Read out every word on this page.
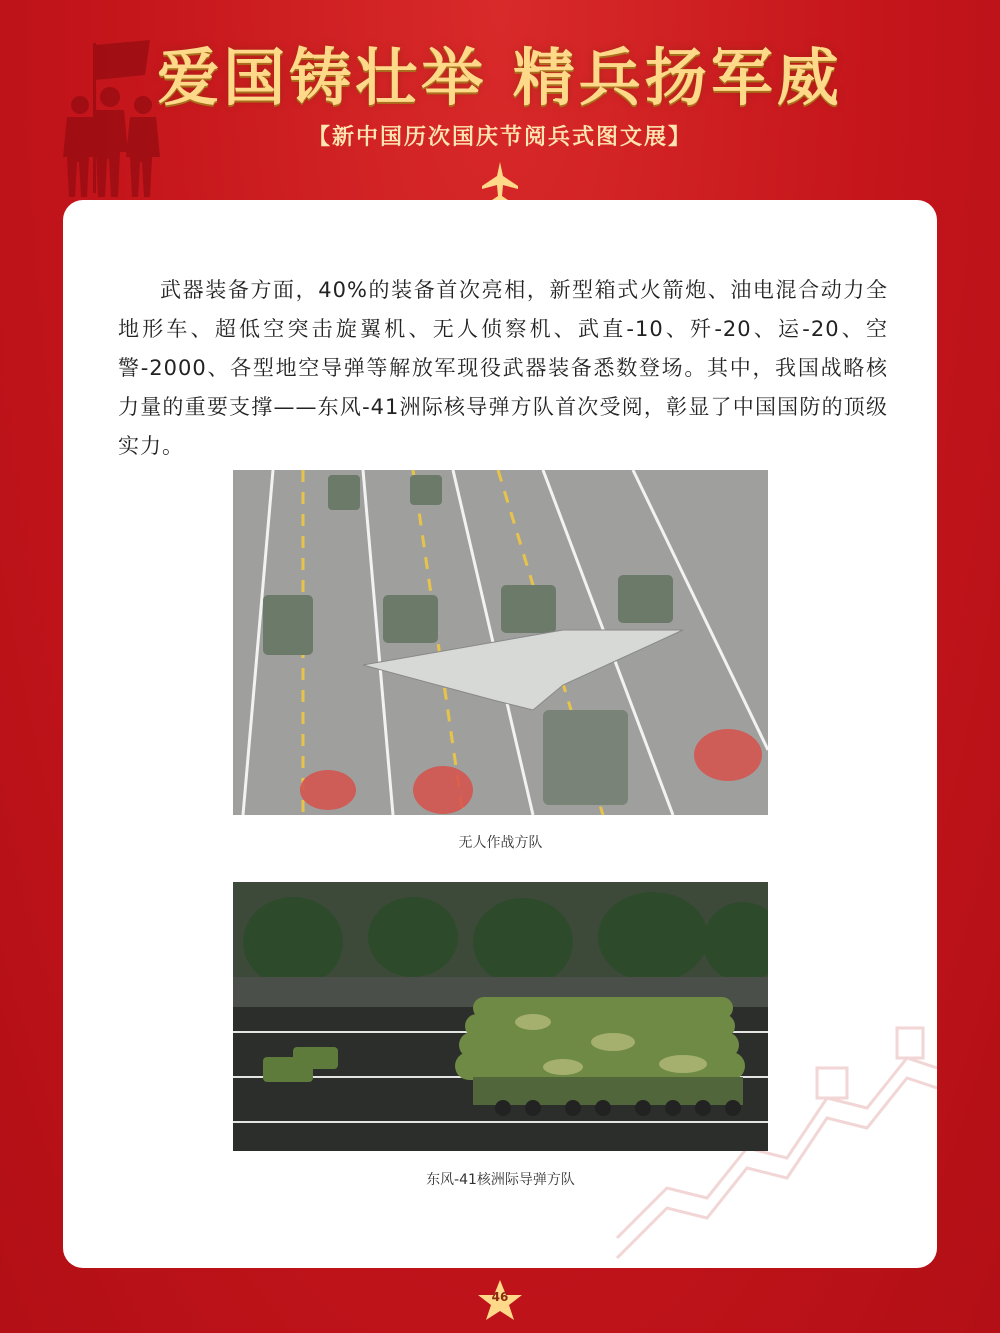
爱国铸壮举 精兵扬军威
【新中国历次国庆节阅兵式图文展】

武器装备方面，40%的装备首次亮相，新型箱式火箭炮、油电混合动力全地形车、超低空突击旋翼机、无人侦察机、武直-10、歼-20、运-20、空警-2000、各型地空导弹等解放军现役武器装备悉数登场。其中，我国战略核力量的重要支撑——东风-41洲际核导弹方队首次受阅，彰显了中国国防的顶级实力。

无人作战方队
东风-41核洲际导弹方队
46
